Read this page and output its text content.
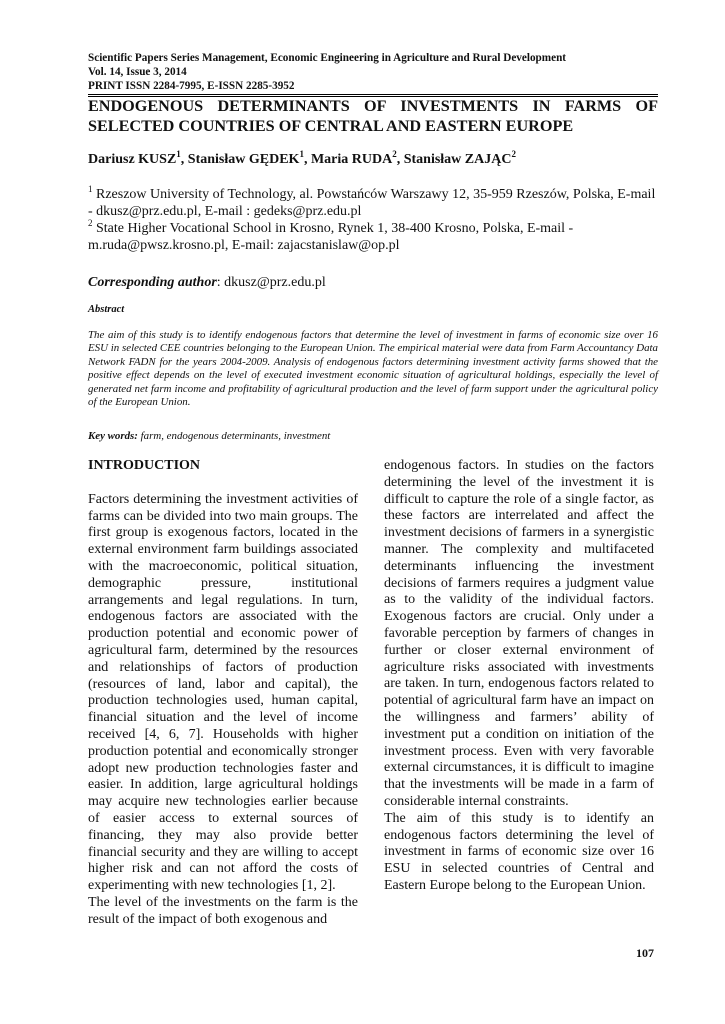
Scientific Papers Series Management, Economic Engineering in Agriculture and Rural Development
Vol. 14, Issue 3, 2014
PRINT ISSN 2284-7995, E-ISSN 2285-3952
ENDOGENOUS DETERMINANTS OF INVESTMENTS IN FARMS OF SELECTED COUNTRIES OF CENTRAL AND EASTERN EUROPE
Dariusz KUSZ$^1$, Stanisław GĘDEK$^1$, Maria RUDA$^2$, Stanisław ZAJĄC$^2$
$^1$ Rzeszow University of Technology, al. Powstańców Warszawy 12, 35-959 Rzeszów, Polska, E-mail - dkusz@prz.edu.pl, E-mail : gedeks@prz.edu.pl
$^2$ State Higher Vocational School in Krosno, Rynek 1, 38-400 Krosno, Polska, E-mail - m.ruda@pwsz.krosno.pl, E-mail: zajacstanislaw@op.pl
Corresponding author: dkusz@prz.edu.pl
Abstract
The aim of this study is to identify endogenous factors that determine the level of investment in farms of economic size over 16 ESU in selected CEE countries belonging to the European Union. The empirical material were data from Farm Accountancy Data Network FADN for the years 2004-2009. Analysis of endogenous factors determining investment activity farms showed that the positive effect depends on the level of executed investment economic situation of agricultural holdings, especially the level of generated net farm income and profitability of agricultural production and the level of farm support under the agricultural policy of the European Union.
Key words: farm, endogenous determinants, investment

INTRODUCTION

Factors determining the investment activities of farms can be divided into two main groups. The first group is exogenous factors, located in the external environment farm buildings associated with the macroeconomic, political situation, demographic pressure, institutional arrangements and legal regulations. In turn, endogenous factors are associated with the production potential and economic power of agricultural farm, determined by the resources and relationships of factors of production (resources of land, labor and capital), the production technologies used, human capital, financial situation and the level of income received [4, 6, 7]. Households with higher production potential and economically stronger adopt new production technologies faster and easier. In addition, large agricultural holdings may acquire new technologies earlier because of easier access to external sources of financing, they may also provide better financial security and they are willing to accept higher risk and can not afford the costs of experimenting with new technologies [1, 2].

The level of the investments on the farm is the result of the impact of both exogenous and

endogenous factors. In studies on the factors determining the level of the investment it is difficult to capture the role of a single factor, as these factors are interrelated and affect the investment decisions of farmers in a synergistic manner. The complexity and multifaceted determinants influencing the investment decisions of farmers requires a judgment value as to the validity of the individual factors. Exogenous factors are crucial. Only under a favorable perception by farmers of changes in further or closer external environment of agriculture risks associated with investments are taken. In turn, endogenous factors related to potential of agricultural farm have an impact on the willingness and farmers’ ability of investment put a condition on initiation of the investment process. Even with very favorable external circumstances, it is difficult to imagine that the investments will be made in a farm of considerable internal constraints.

The aim of this study is to identify an endogenous factors determining the level of investment in farms of economic size over 16 ESU in selected countries of Central and Eastern Europe belong to the European Union.

107
